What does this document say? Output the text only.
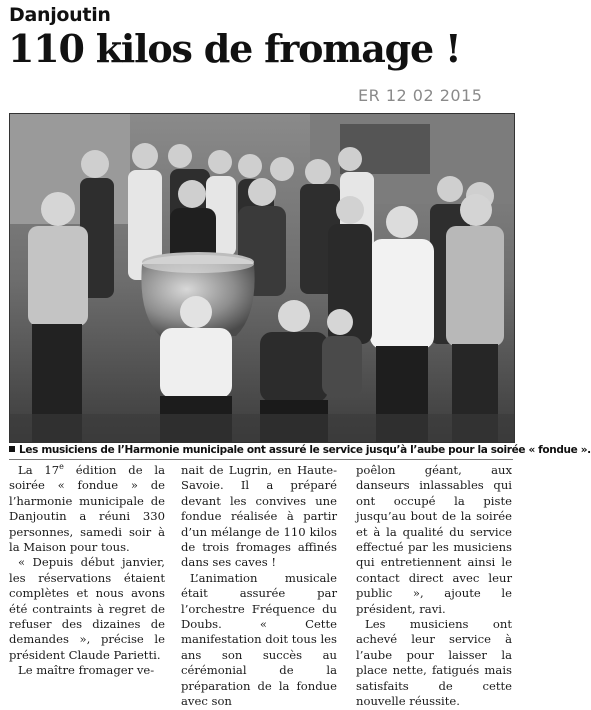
Danjoutin
110 kilos de fromage !
ER 12 02 2015
Les musiciens de l’Harmonie municipale ont assuré le service jusqu’à l’aube pour la soirée « fondue ».

La 17e édition de la soirée « fondue » de l’harmonie municipale de Danjoutin a réuni 330 personnes, samedi soir à la Maison pour tous.

« Depuis début janvier, les réservations étaient complètes et nous avons été contraints à regret de refuser des dizaines de demandes », précise le président Claude Parietti.

Le maître fromager ve-

nait de Lugrin, en Haute-Savoie. Il a préparé devant les convives une fondue réalisée à partir d’un mélange de 110 kilos de trois fromages affinés dans ses caves !

L’animation musicale était assurée par l’orchestre Fréquence du Doubs. « Cette manifestation doit tous les ans son succès au cérémonial de la préparation de la fondue avec son

poêlon géant, aux danseurs inlassables qui ont occupé la piste jusqu’au bout de la soirée et à la qualité du service effectué par les musiciens qui entretiennent ainsi le contact direct avec leur public », ajoute le président, ravi.

Les musiciens ont achevé leur service à l’aube pour laisser la place nette, fatigués mais satisfaits de cette nouvelle réussite.
